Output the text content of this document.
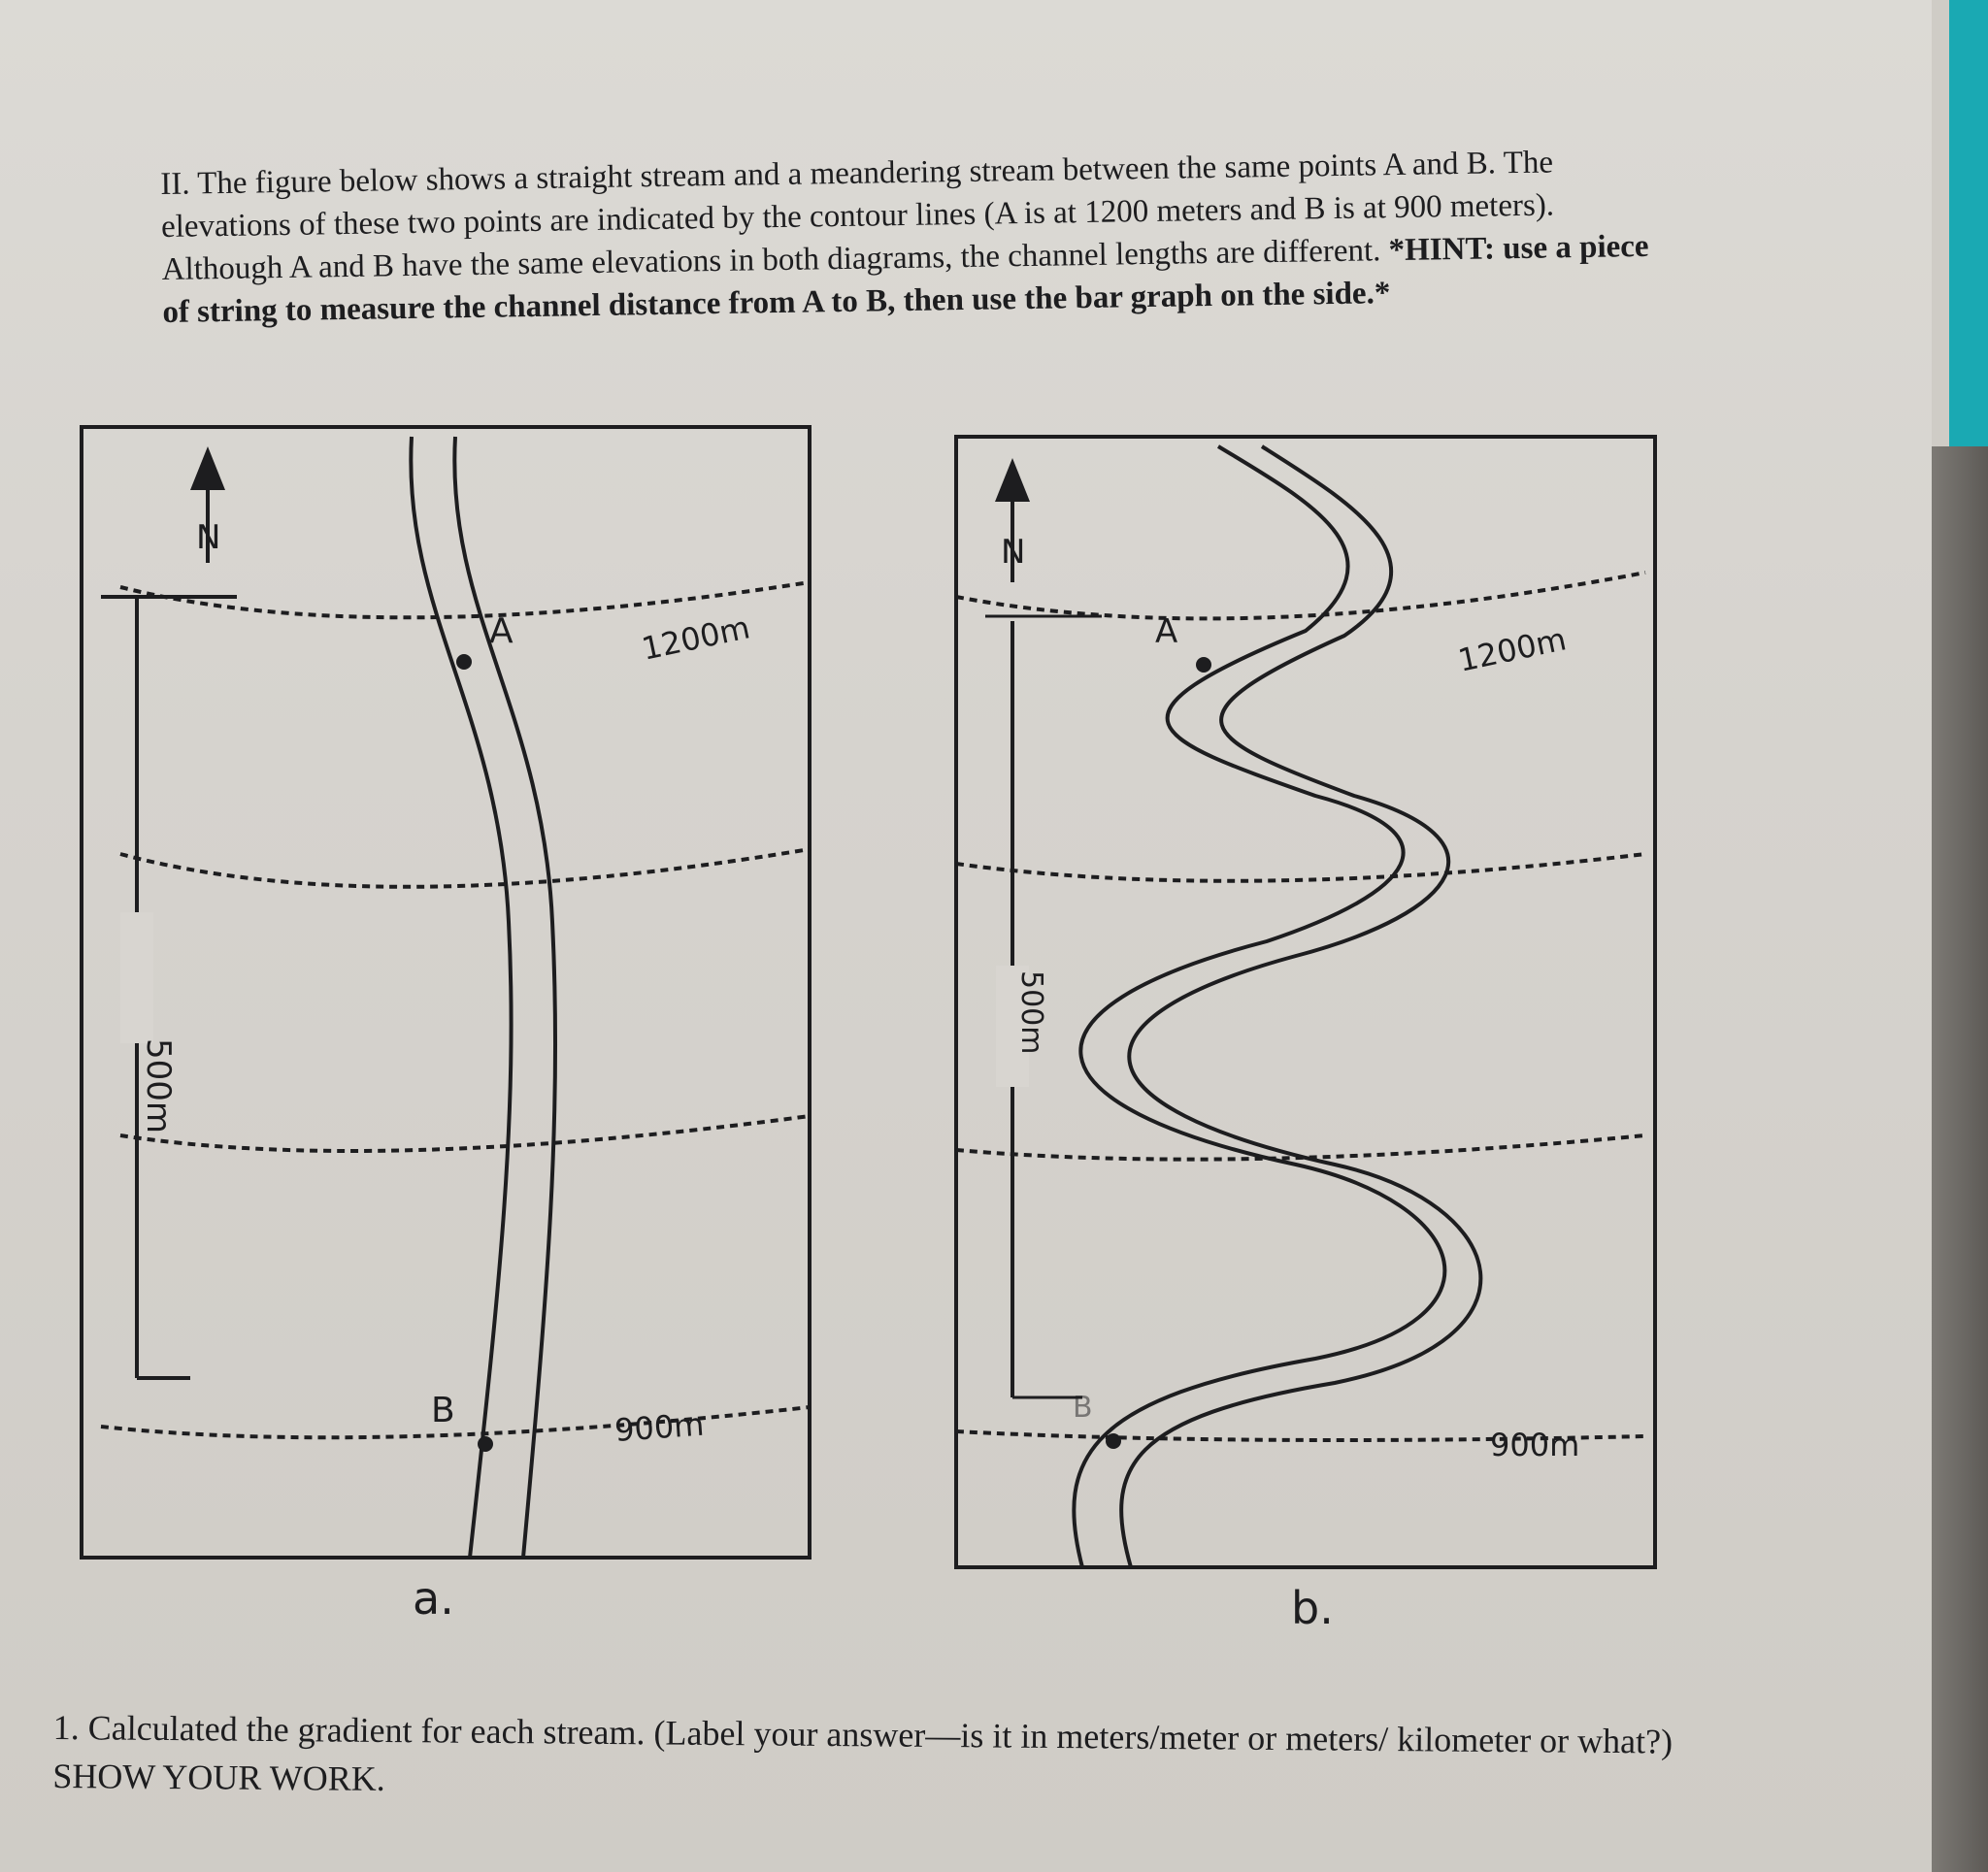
II. The figure below shows a straight stream and a meandering stream between the same points A and B. The elevations of these two points are indicated by the contour lines (A is at 1200 meters and B is at 900 meters). Although A and B have the same elevations in both diagrams, the channel lengths are different. *HINT: use a piece of string to measure the channel distance from A to B, then use the bar graph on the side.*
A
B
1200m
900m
N
500m
a.
A
B
1200m
900m
N
500m
b.
1. Calculated the gradient for each stream. (Label your answer—is it in meters/meter or meters/ kilometer or what?) SHOW YOUR WORK.
